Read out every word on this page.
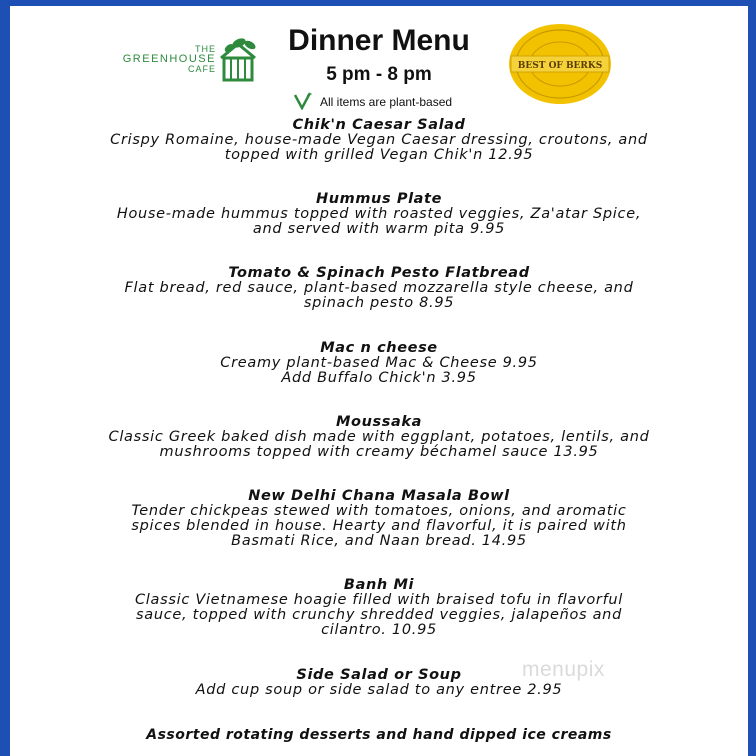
THE
GREENHOUSE
CAFE
Dinner Menu
5 pm - 8 pm
All items are plant-based
BEST OF BERKS
Chik'n Caesar Salad
Crispy Romaine, house-made Vegan Caesar dressing, croutons, and
topped with grilled Vegan Chik'n 12.95
Hummus Plate
House-made hummus topped with roasted veggies, Za'atar Spice,
and served with warm pita 9.95
Tomato & Spinach Pesto Flatbread
Flat bread, red sauce, plant-based mozzarella style cheese, and
spinach pesto 8.95
Mac n cheese
Creamy plant-based Mac & Cheese 9.95
Add Buffalo Chick'n 3.95
Moussaka
Classic Greek baked dish made with eggplant, potatoes, lentils, and
mushrooms topped with creamy béchamel sauce 13.95
New Delhi Chana Masala Bowl
Tender chickpeas stewed with tomatoes, onions, and aromatic
spices blended in house. Hearty and flavorful, it is paired with
Basmati Rice, and Naan bread. 14.95
Banh Mi
Classic Vietnamese hoagie filled with braised tofu in flavorful
sauce, topped with crunchy shredded veggies, jalapeños and
cilantro. 10.95
Side Salad or Soup
Add cup soup or side salad to any entree 2.95
menupix
Assorted rotating desserts and hand dipped ice creams
